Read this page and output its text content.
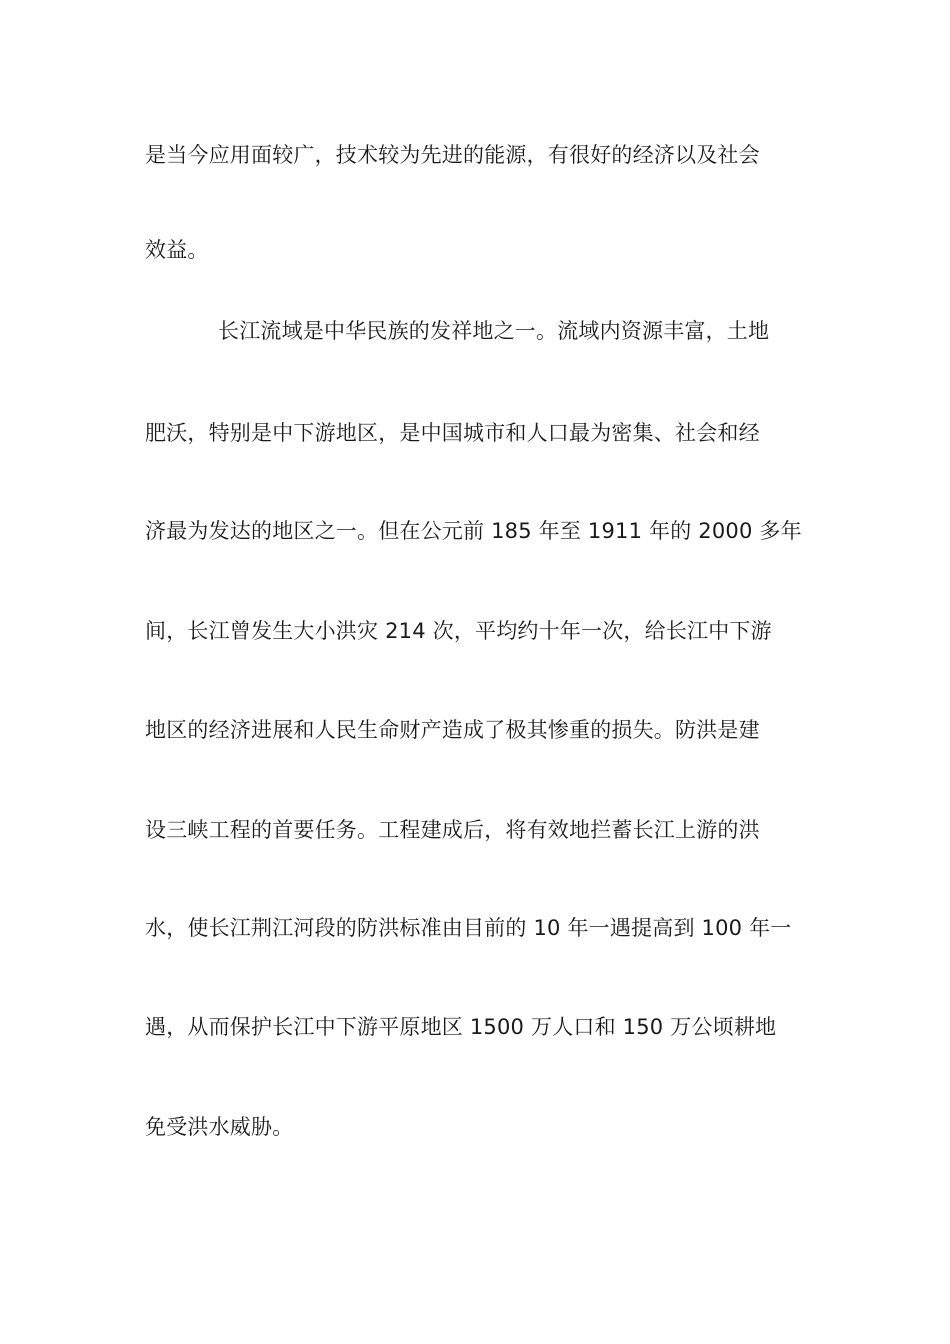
是当今应用面较广，技术较为先进的能源，有很好的经济以及社会
效益。
长江流域是中华民族的发祥地之一。流域内资源丰富，土地
肥沃，特别是中下游地区，是中国城市和人口最为密集、社会和经
济最为发达的地区之一。但在公元前 185 年至 1911 年的 2000 多年
间，长江曾发生大小洪灾 214 次，平均约十年一次，给长江中下游
地区的经济进展和人民生命财产造成了极其惨重的损失。防洪是建
设三峡工程的首要任务。工程建成后，将有效地拦蓄长江上游的洪
水，使长江荆江河段的防洪标准由目前的 10 年一遇提高到 100 年一
遇，从而保护长江中下游平原地区 1500 万人口和 150 万公顷耕地
免受洪水威胁。
